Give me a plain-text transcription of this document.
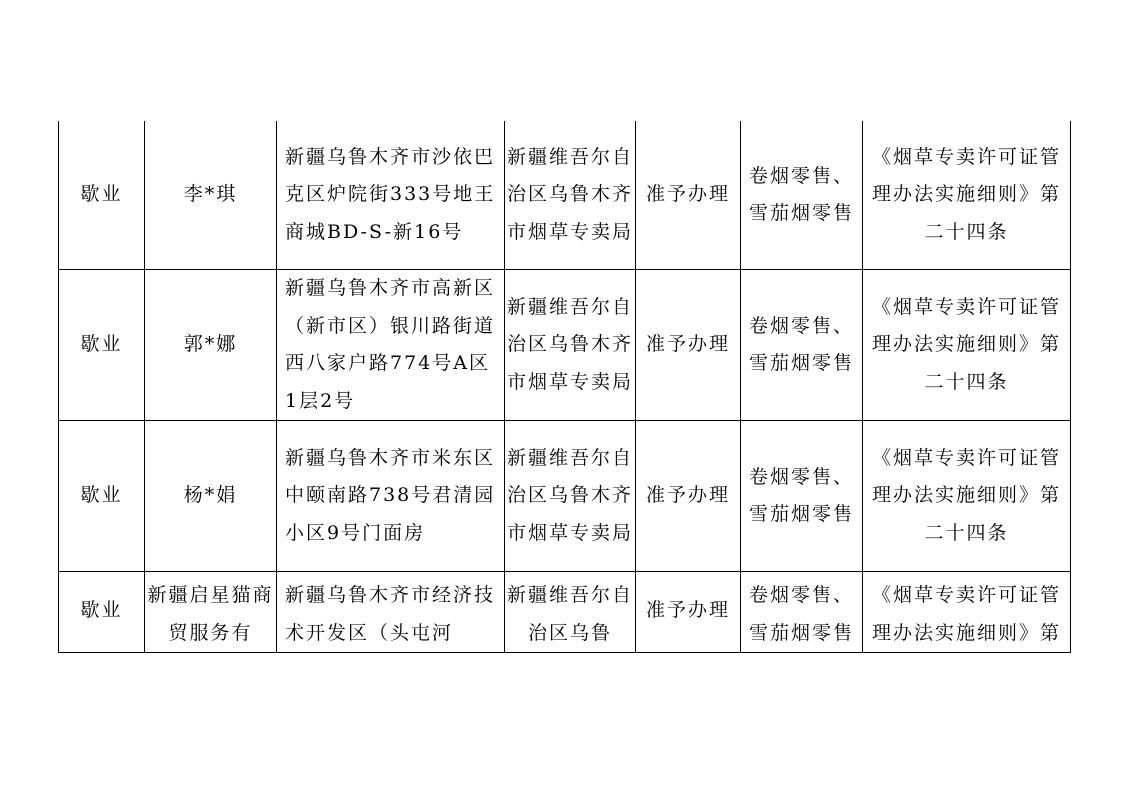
歇业	李*琪	新疆乌鲁木齐市沙依巴克区炉院街333号地王商城BD-S-新16号	新疆维吾尔自治区乌鲁木齐市烟草专卖局	准予办理	卷烟零售、雪茄烟零售	《烟草专卖许可证管理办法实施细则》第二十四条

歇业	郭*娜	新疆乌鲁木齐市高新区（新市区）银川路街道西八家户路774号A区1层2号	新疆维吾尔自治区乌鲁木齐市烟草专卖局	准予办理	卷烟零售、雪茄烟零售	《烟草专卖许可证管理办法实施细则》第二十四条

歇业	杨*娟	新疆乌鲁木齐市米东区中颐南路738号君清园小区9号门面房	新疆维吾尔自治区乌鲁木齐市烟草专卖局	准予办理	卷烟零售、雪茄烟零售	《烟草专卖许可证管理办法实施细则》第二十四条

歇业	新疆启星猫商贸服务有	新疆乌鲁木齐市经济技术开发区（头屯河	新疆维吾尔自治区乌鲁	准予办理	卷烟零售、雪茄烟零售	《烟草专卖许可证管理办法实施细则》第
